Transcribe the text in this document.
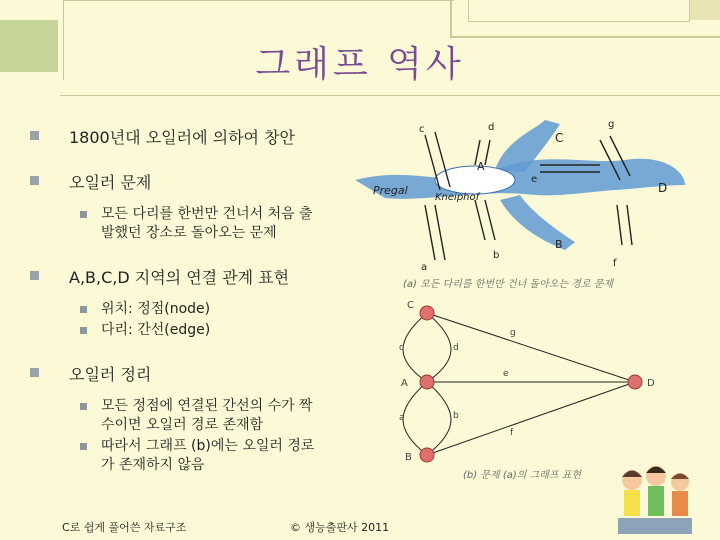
그래프 역사
1800년대 오일러에 의하여 창안
오일러 문제
모든 다리를 한번만 건너서 처음 출발했던 장소로 돌아오는 문제
A,B,C,D 지역의 연결 관계 표현
위치: 정점(node)
다리: 간선(edge)
오일러 정리
모든 정점에 연결된 간선의 수가 짝수이면 오일러 경로 존재함
따라서 그래프 (b)에는 오일러 경로가 존재하지 않음
Pregal
Kneiphof
A
B
C
D
a
b
c	d
e
f
g
(a) 모든 다리를 한번만 건너 돌아오는 경로 문제
C
A
B
D
c	d
g
e
a	b
f
(b) 문제 (a)의 그래프 표현
C로 쉽게 풀어쓴 자료구조	© 생능출판사 2011
